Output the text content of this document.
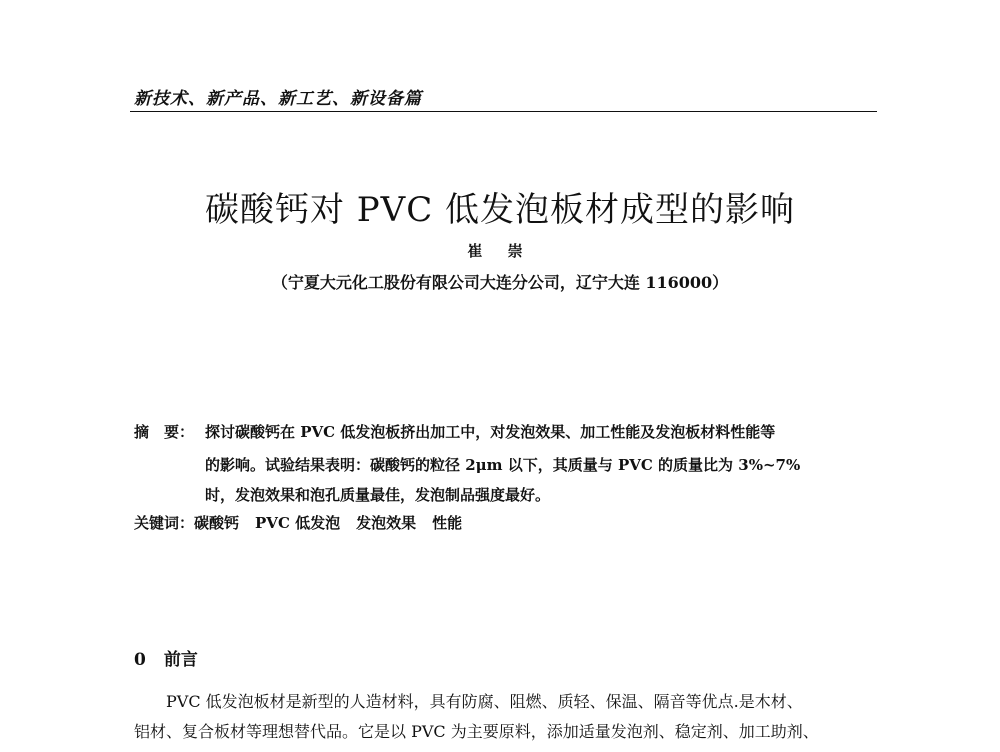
新技术、新产品、新工艺、新设备篇
碳酸钙对 PVC 低发泡板材成型的影响
崔 崇
（宁夏大元化工股份有限公司大连分公司，辽宁大连 116000）
摘　要： 探讨碳酸钙在 PVC 低发泡板挤出加工中，对发泡效果、加工性能及发泡板材料性能等
的影响。试验结果表明：碳酸钙的粒径 2μm 以下，其质量与 PVC 的质量比为 3%~7%
时，发泡效果和泡孔质量最佳，发泡制品强度最好。
关键词：碳酸钙 PVC 低发泡 发泡效果 性能
0 前言
PVC 低发泡板材是新型的人造材料，具有防腐、阻燃、质轻、保温、隔音等优点.是木材、
铝材、复合板材等理想替代品。它是以 PVC 为主要原料，添加适量发泡剂、稳定剂、加工助剂、
